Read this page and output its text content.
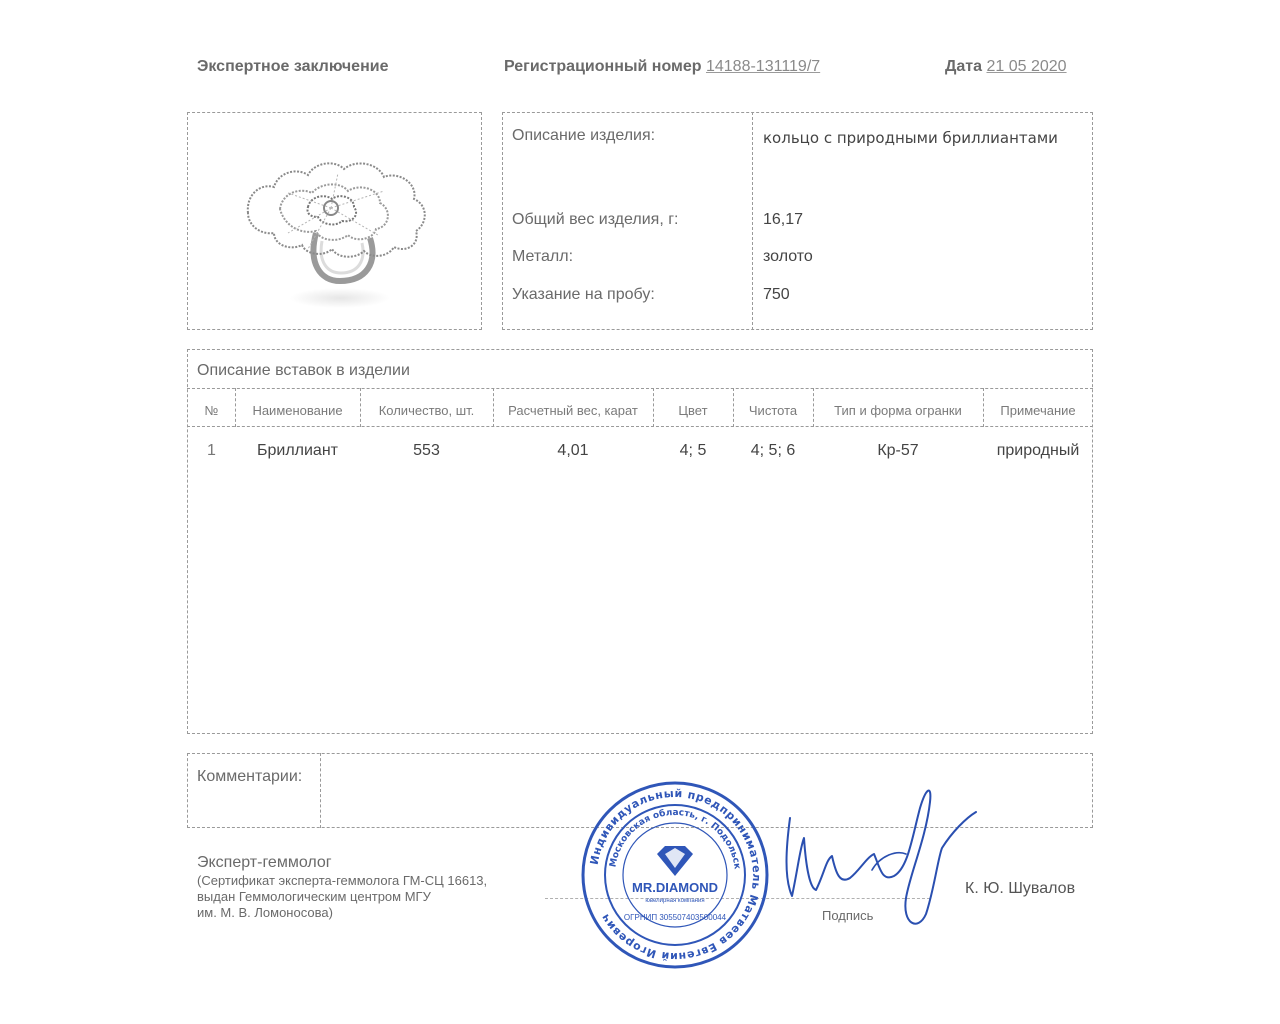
Экспертное заключение	Регистрационный номер 14188-131119/7	Дата 21 05 2020
Описание изделия:	кольцо с природными бриллиантами
Общий вес изделия, г:	16,17
Металл:	золото
Указание на пробу:	750
Описание вставок в изделии
№	Наименование	Количество, шт.	Расчетный вес, карат	Цвет	Чистота	Тип и форма огранки	Примечание
1	Бриллиант	553	4,01	4; 5	4; 5; 6	Кр-57	природный
Комментарии:
Эксперт-геммолог
(Сертификат эксперта-геммолога ГМ-СЦ 16613,
выдан Геммологическим центром МГУ
им. М. В. Ломоносова)	Подпись
К. Ю. Шувалов
Индивидуальный предприниматель Матвеев Евгений Игоревич
Московская область, г. Подольск
MR.DIAMOND
ювелирная компания
ОГРНИП 305507403500044
